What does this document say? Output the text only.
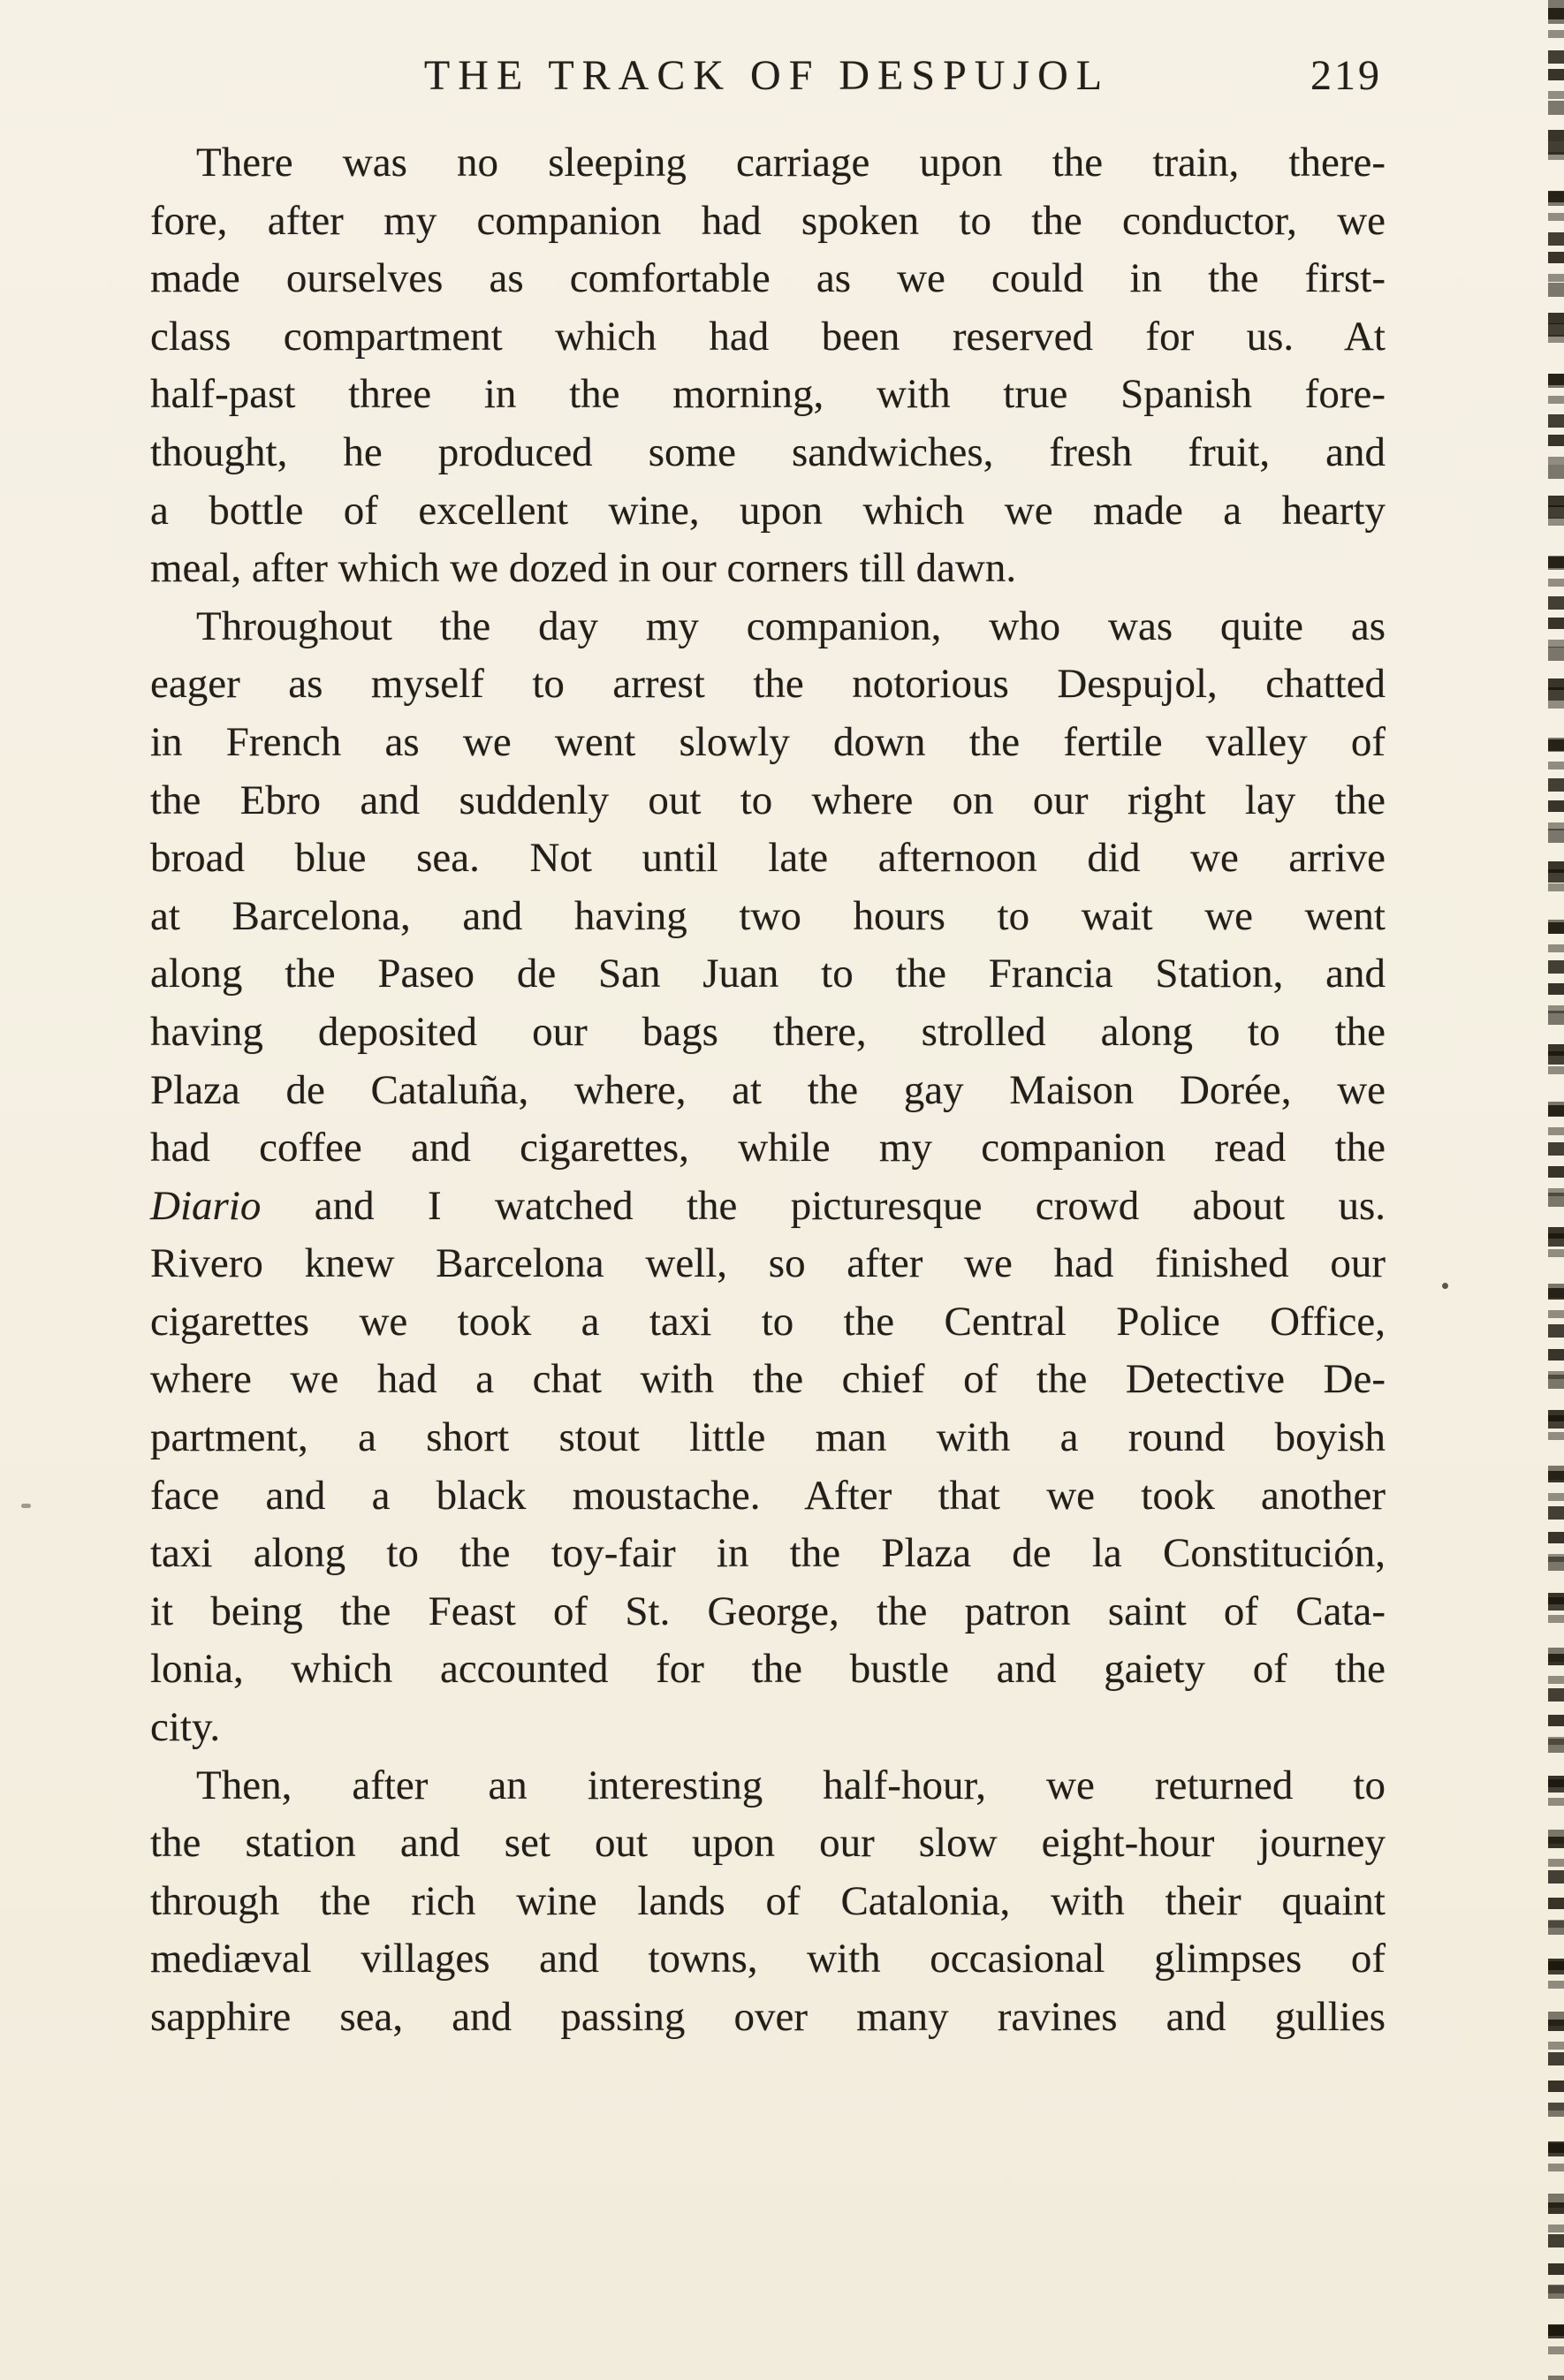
THE TRACK OF DESPUJOL	219
There was no sleeping carriage upon the train, there-
fore, after my companion had spoken to the conductor, we
made ourselves as comfortable as we could in the first-
class compartment which had been reserved for us. At
half-past three in the morning, with true Spanish fore-
thought, he produced some sandwiches, fresh fruit, and
a bottle of excellent wine, upon which we made a hearty
meal, after which we dozed in our corners till dawn.
Throughout the day my companion, who was quite as
eager as myself to arrest the notorious Despujol, chatted
in French as we went slowly down the fertile valley of
the Ebro and suddenly out to where on our right lay the
broad blue sea. Not until late afternoon did we arrive
at Barcelona, and having two hours to wait we went
along the Paseo de San Juan to the Francia Station, and
having deposited our bags there, strolled along to the
Plaza de Cataluña, where, at the gay Maison Dorée, we
had coffee and cigarettes, while my companion read the
Diario and I watched the picturesque crowd about us.
Rivero knew Barcelona well, so after we had finished our
cigarettes we took a taxi to the Central Police Office,
where we had a chat with the chief of the Detective De-
partment, a short stout little man with a round boyish
face and a black moustache. After that we took another
taxi along to the toy-fair in the Plaza de la Constitución,
it being the Feast of St. George, the patron saint of Cata-
lonia, which accounted for the bustle and gaiety of the
city.
Then, after an interesting half-hour, we returned to
the station and set out upon our slow eight-hour journey
through the rich wine lands of Catalonia, with their quaint
mediæval villages and towns, with occasional glimpses of
sapphire sea, and passing over many ravines and gullies
